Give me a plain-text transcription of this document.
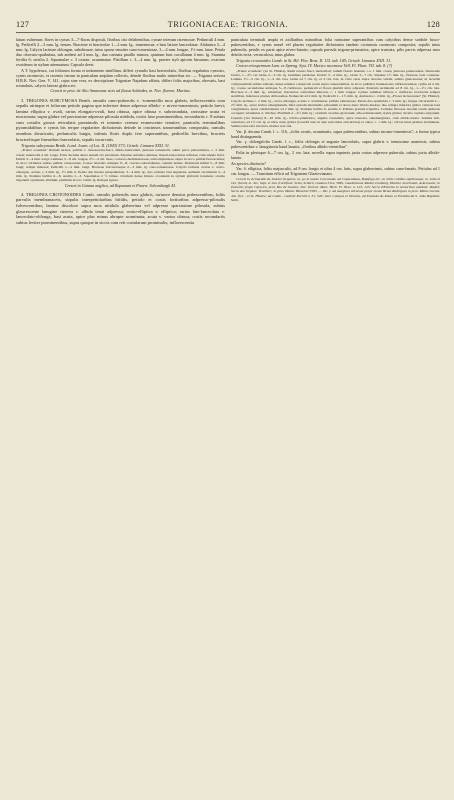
127	TRIGONIACEAE: TRIGONIA.	128

latum vulnerum; flores in cymas 3—7-floras dispositi, floribus cito delabentibus, cymae interum racemosae. Pedunculi 4 mm. lg. Pedicelli 2—3 mm. lg. tenues. Bracteae et bracteolae 1—2 mm. lg., tomentosae, e basi latiore lanceolatae. Alabastra 3—4 mm. lg. Calycis laciniae oblongae, subobtusae, intus sparse tenuiter cano-tomentosae, 3—4 mm. longae, 1½ mm. latae. Petala duo obovato-spathulata, sub anthesi ad 4 mm. lg., duo carinata pauillo minora, quintum basi cucullatum 4 mm. lg. Stamina fertilia 6; sterilia 2. Squamulae c. 3 ovatae, acuminatae. Pistillum c. 3—4 mm. lg. praeter styli apicem hirsutum; ovarium ovoideum in stylum attenuatum. Capsula deest.

A T. hypoleuca, cui foliorum forma et indumento simillima, differt cymulis basi bracteolatis, floribus regularius cymosis, cymis racemosis, et racemis iterum in paniculam amplam collectis, deinde floribus multo minoribus etc. — Trigonia sericea H.B.K. Nov. Gen. V. 141, cujus sine vera, ex descriptione Trigoniae Najadum affinis, differt foliis majoribus, obovatis, basi rotundatis, calycis laterae glabra etc.

Crescit in prov. de Alto Amazonas vicis ad fluxus Sobindes, m. Nov. florens: Martius.

3. TRIGONIA SUBCYMOSA Benth. ramulis cano-puberulis v. -tomentellis mox glabris, inflorescentiis cum sepalis utrinque et foliorum petiolo pagina que inferiore dense adpresse albido- v. niveo-tomentosis; petiolo brevi; lamina elliptica v. ovali, rarius elongato-ovali, basi obtusa, apice obtusa v. subrotundata, rarissime acuta et mucronata; supra glabra vel parciusime adpresse pilosula nitidula, costis laxe prominentibus, secundariis c. 8 subtus cum costulis grosse reticulatis prominulis et tomento cereum evanescente tenuiter; paniculis terminalibus pyramidalibus e cymis bis terque regulariter dichotomis deinde in cincinnos transeuntibus compositis; ramulis omnibus divaricatis; pedunculis longis, infimis floris duplo fere superantibus, pedicellis brevibus, bracteis bracteolisque linearibus-lanceolatis, sepalis incurvatis.

Trigonia subcymosa Benth. Lond. Journ. of Lot. II. (1843) 373; Griseb. Linnaea XXII. 31.

„Frutex scandens" Ramuli teretes, pallide v. cinerascenti-fusci, albido-lenticellati, juniores tomentelli, adulti parce puberulentes, c. 2 mm. crassi; internodia 4 cm. longa. Folia decidua altera annum vix persistunt. Stipulae subulato-deltatae, lineari-lanceolatae reflexae; cum stipula brevi. Petioli 3—4 mm. longi. Laminae 5—8 cm. longae, 2½—4 cm. latae, coriaceo-membranaceae, subcomplanatae, supra in sicco pallide fuscescentes; in sicco viridulae subtus pallide canescentes. Costae laterales utrinque 6—8, curvato-adscendentes, venulis densis. Pedunculi infimi 5—8 mm. longi; reliqui minores; Pedicelli 1—2 mm. longi. Bracteae bracteolaeque 2—3 mm. lg. cano-tomentosae. Calycis laciniae ovatae v. ovato-oblongae, acutae, c. 4 mm. lg., 1½ mm. lt. Petala duo lineata subspathulata, 3—4 mm. lg., duo carinata basi angustata, quintum cucullatum 3—4 mm. lg. Stamina fertilia 6—8, sterilia 2—3. Squamulae 2 ½ triinae. Ovarium dense hirsuto ovoideum in stylum glabrum transiens; stroma trigonum capitatum, albidum; pistillum in toto 3 mm. lg. Reliqua ignota.

Crescit in Guiana anglica, ad Rapununi et Pirara: Schomburgk 43.

4. TRIGONIA CROTONOIDES Camb. ramulis puberulis mox glabris, rariusve densius pubescentibus; foliis parvulis membranaceis, stipulis interpetiolaribus bifidis, petiolo et costis fortiuribus adpresso-pilosulis fulvescentibus; lamina discolore supra mox nitidula glaberrima vel adpresse sparsissime pilosula, subtus glaucescente lanugine cinerea v. albida tenui adpressa; ovato-elliptica v. elliptica; rarius lato-lanceolata v. lanceolato-oblonga, basi acuta, apice plus minus abrupte acuminata; acuta v. varius obtusa; costis secundariis subtus leviter prominentibus, supra quoque in siccis cum reti costularum prominulis; inflorescentia

paniculata terminali ampla et axillaribus minoribus folia rariusime superantibus cum calycibus dense sordide fusco-pubescentibus, e cymis semel vel pluries regulariter dichotomis tandem cicinnosis racemosis composita; sepalis intus puberulis, petalis ex parte apice niveo-lanatis; capsula parvula trigono-prismatica, apice truncata, pilis parvis adpressa mox detritis tecta, verruculosa, intus glabra.

Trigonia crotonoides Camb. in St. Hil. Flor. Bras. II. 115. tab. 105; Griseb. Linnaea XXII. 31.

Croton eriospermum Lam. ex Spreng. Syst. IV. Mexico racemose Vell. Fl. Flum. VII. tab. 8. (?)

„Frutex scandens" (ex St. Hilaire). Rami teretes fusci, lenticellati; ramuli floreis brunnei, c.a. 1 mm. crassi, juniores pubescentes. Internodia brevia, 1—2½ vel rarius 2—3 cm. lg. Gemmae perulatae. Petioli 3—4 mm. lg., rarius 3—7 cm. Stipulae 1½ mm. lg., fissurae, basi connatae. Lamina 1½—5 cm. lg., 1—2 cm. lata, rarius ad 7 cm. lg. et 3 cm. lata, in vivis certe supra obscure viridis, subtus glaucescens; in novellis compressulum subtus tomento dense tenuiter conspicuis costis supra canescentibus, in sicco pallidior brunnescens. Inflorescentiae, cymis ad 4 cm. lg.; costae secundariae utrinque 5—8 crebriores, pedunculi et flores plurimi ultra adpressi. Panicula terminalis ad 8 cm. lg., 1—1½ cm. lata. Bracteae 2—3 mm. lg., subulatae; bracteolae conformes minores, c. 1 mm. longae. Cymae summae trifurae v. uniflorae, bracteolis semper sterilibus, inferiores pluries dichotomae. Pedunculi ad 2 mm. lg. Pedicelli 1—1½ mm. lg. Alabastra c. 2 mm. lg. „Flores lactescentes" (St. Hilaire). Calycis laciniae c. 2 mm. lg., ovato-oblongae, acutae v. acuminatae, pallide tomentosae. Petala duo spathulata c. 3 mm. lg.; lingue calcaratum 2—2½ mm. lg., apice leviter emarginatum, infra apicem intermedio pilosulum et dorso nunc albido-lanatae; duo reliqua inferiora glabra carinata basi conglutinata, apice candidolanata ad 2 mm. lg. Stamina fertilia 6, sterilia 4. Pollinis granula tripartita. Cellulae fibrosae dorsum totum antherae occupant. Glandulae 2, trilobae. Pistillum 2—2½ mm. lg.; ovarium ovoideo-globosum, albo-tomentosum; stylus glaber; stroma capitato-trigonum. Capsula (vix matura) 8—10 mm. lg., trilobo-prismatica, angulis rotundatis, apice truncata, subemarginata, cum albido-lanata. Semina sub-carnulosa, ad 1½ cm. lg. et ultra, nunc glabra (Lourdil tunc in ante sericoides obscuricles) et ontos, c. 1 mm. lg.; valvae intus glabrae stramineae. Semina lana rufa involuta, matura non visi.

Var. β. decana Camb. l. c. 116, „foliis ovatis, acuminatis, supra pubescentibus, subtus incano-tomentosis"; a forma typica haud distinguenda.

Var. γ. oblongifolia Camb. l. c., foliis oblongis et anguste lanceolatis, supra glabris v. tenuissime araneosis, subtus pubescentibus v. lanuginosis haud lanatis; „floribus albido-virentibus".

Folia in plerisque 6—7 cm. lg., 2 cm. lata; novella supra inprimis juxta costas adpresse puberula, subtus juxta albido-lanata.

An species distincta?

Var. δ. elliptica, foliis majusculis, ad 8 cm. longis et ultra 4 cm. latis, supra glaberrimis, subtus cano-lanatis. Petiolus ad 1 cm. longus. — Transitum efficit ad Trigoniam Glaziovianam.

Crescit in vicinia Rio de Janeiro frequens, ex. gr. in monte Corcovado, ad Copacabana, Botafogo etc., in silvis cultibus septibusque, m. Julio et Oct. floruit, m. Jul., Sept. et Jan. fructificat: Sello, Schüch, Glaziou 3114, 5881, Gaudichaud, Riedel, Lindberg, Houllet, Luschnath, Ackermann; in fruticetis prope Cajoeiro, prov. Rio de Janeiro, Dec. florens: Mart. Herb. Fl. Bras. n. 123, 125; Serra d'Estrella in nemoribus umidum: Riedel; Serra dos Orgãos: Ventilher; in prov. Bahia: Blanchet 3583. — Var. γ. ad margines silvarum prope vicum Bento Rodrigues in prov. Minas Gerais, Jan. flor. ; et St. Hilaire; ad Caldo - Gabriel Pochili n. 31, 326; inter Campos et Victoria, ad Fazenda do Paulo et Presidio da S. João Baptista: Sello.
